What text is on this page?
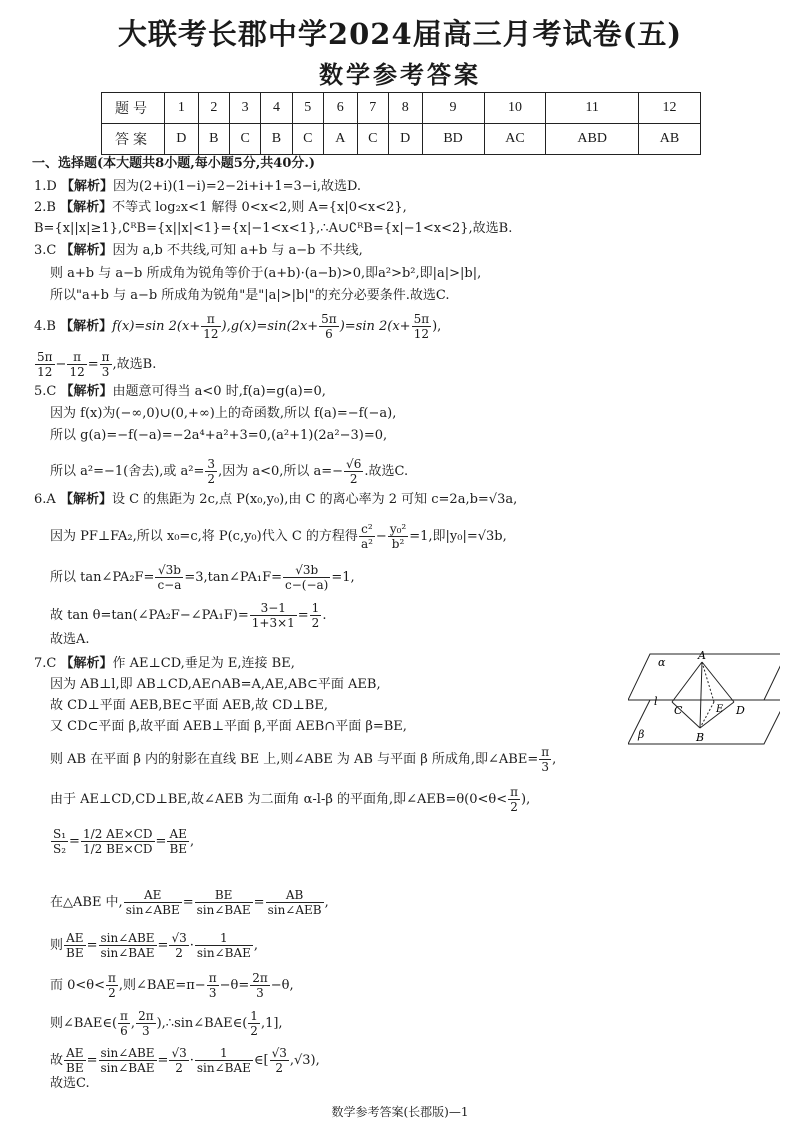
大联考长郡中学2024届高三月考试卷(五)
数学参考答案
题号	1	2	3	4	5	6	7	8	9	10	11	12
答案	D	B	C	B	C	A	C	D	BD	AC	ABD	AB
一、选择题(本大题共8小题,每小题5分,共40分.)
1.D 【解析】因为(2+i)(1−i)=2−2i+i+1=3−i,故选D.
2.B 【解析】不等式 log₂x<1 解得 0<x<2,则 A={x|0<x<2},
B={x||x|≥1},∁ᴿB={x||x|<1}={x|−1<x<1},∴A∪∁ᴿB={x|−1<x<2},故选B.
3.C 【解析】因为 a,b 不共线,可知 a+b 与 a−b 不共线,
则 a+b 与 a−b 所成角为锐角等价于(a+b)·(a−b)>0,即a²>b²,即|a|>|b|,
所以"a+b 与 a−b 所成角为锐角"是"|a|>|b|"的充分必要条件.故选C.
4.B 【解析】f(x)=sin $2(x+ \frac{\pi}{12} ),g(x)=\sin(2x+ \frac{5\pi}{6} )=\sin$ $2(x+ \frac{5\pi}{12}$ ),
$\frac{5\pi}{12} - \frac{\pi}{12} = \frac{\pi}{3}$ ,故选B.
5.C 【解析】由题意可得当 a<0 时,f(a)=g(a)=0,
因为 f(x)为(−∞,0)∪(0,+∞)上的奇函数,所以 f(a)=−f(−a),
所以 g(a)=−f(−a)=−2a⁴+a²+3=0,(a²+1)(2a²−3)=0,
所以 a²=−1(舍去),或 $a^2= \frac{3}{2}$ ,因为 a<0,所以 $a=- \frac{√6}{2}$ .故选C.
6.A 【解析】设 C 的焦距为 2c,点 P(x₀,y₀),由 C 的离心率为 2 可知 c=2a,b=√3a,
因为 PF⊥FA₂,所以 x₀=c,将 P(c,y₀)代入 C 的方程得 $\frac{\text{c²}}{\text{a²}} - \frac{\text{y₀²}}{\text{b²}} =1$,即|y₀|=√3b,
所以 tan∠PA₂F= $\frac{√3b}{c-a}$ =3,tan∠PA₁F= $\frac{√3b}{c-(-a)} =1$,
故 tan θ=tan(∠PA₂F−∠PA₁F)= $\frac{3-1}{1+3\times 1} = \frac{1}{2}$ .
故选A.
7.C 【解析】作 AE⊥CD,垂足为 E,连接 BE,
因为 AB⊥l,即 AB⊥CD,AE∩AB=A,AE,AB⊂平面 AEB,
故 CD⊥平面 AEB,BE⊂平面 AEB,故 CD⊥BE,
又 CD⊂平面 β,故平面 AEB⊥平面 β,平面 AEB∩平面 β=BE,
则 AB 在平面 β 内的射影在直线 BE 上,则∠ABE 为 AB 与平面 β 所成角,即∠ABE= $\frac{\pi}{3}$ ,
由于 AE⊥CD,CD⊥BE,故∠AEB 为二面角 α-l-β 的平面角,即∠AEB=θ(0<θ< $\frac{\pi}{2}$ ),
$\frac{\text{S₁}}{\text{S₂}} = \frac{1/2 AE\times CD}{1/2 BE\times CD} = \frac{AE}{BE}$ ,
在△ABE 中, $\frac{AE}{\text{sin∠ABE}} = \frac{BE}{\text{sin∠BAE}} = \frac{AB}{\text{sin∠AEB}}$ ,
则 $\frac{AE}{BE} = \frac{\text{sin∠ABE}}{\text{sin∠BAE}} = \frac{√3}{2} \cdot \frac{1}{\text{sin∠BAE}}$ ,
而 $0<\theta< \frac{\pi}{2}$ ,则∠BAE=π− $\frac{\pi}{3} -\theta= \frac{2\pi}{3} -\theta$,
则∠BAE∈( $\frac{\pi}{6}$ , $\frac{2\pi}{3}$ ),∴sin∠BAE∈( $\frac{1}{2} ,1$],
故 $\frac{AE}{BE} = \frac{\text{sin∠ABE}}{\text{sin∠BAE}} = \frac{√3}{2} \cdot \frac{1}{\text{sin∠BAE}}$ ∈[ $\frac{√3}{2} ,√3$),
故选C.
α
β
l
A
B
C	D
E
数学参考答案(长郡版)—1
